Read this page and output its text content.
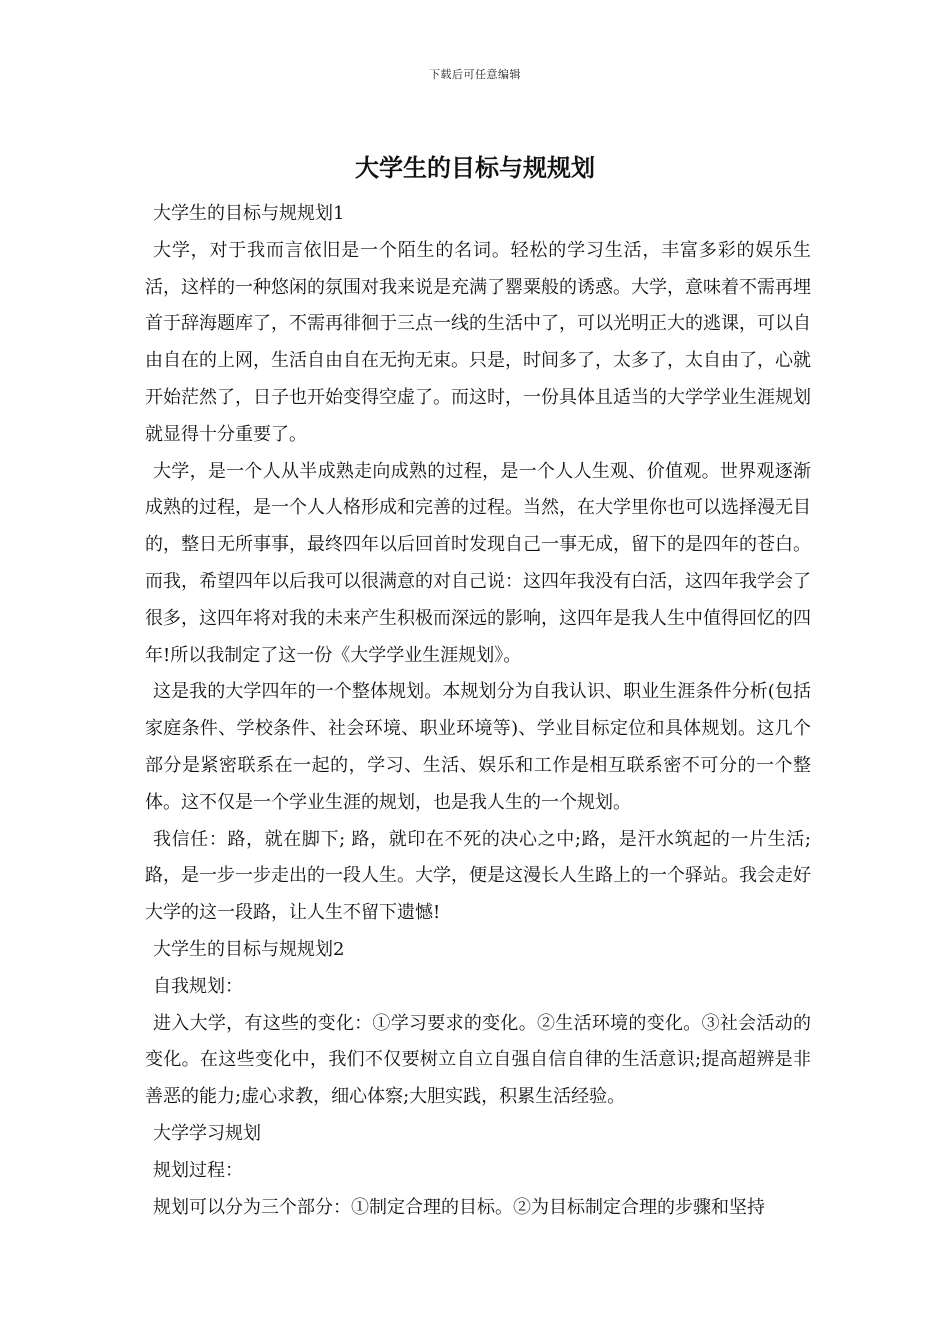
下载后可任意编辑
大学生的目标与规规划

大学生的目标与规规划1

大学，对于我而言依旧是一个陌生的名词。轻松的学习生活，丰富多彩的娱乐生活，这样的一种悠闲的氛围对我来说是充满了罂粟般的诱惑。大学，意味着不需再埋首于辞海题库了，不需再徘徊于三点一线的生活中了，可以光明正大的逃课，可以自由自在的上网，生活自由自在无拘无束。只是，时间多了，太多了，太自由了，心就开始茫然了，日子也开始变得空虚了。而这时，一份具体且适当的大学学业生涯规划就显得十分重要了。

大学，是一个人从半成熟走向成熟的过程，是一个人人生观、价值观。世界观逐渐成熟的过程，是一个人人格形成和完善的过程。当然，在大学里你也可以选择漫无目的，整日无所事事，最终四年以后回首时发现自己一事无成，留下的是四年的苍白。而我，希望四年以后我可以很满意的对自己说：这四年我没有白活，这四年我学会了很多，这四年将对我的未来产生积极而深远的影响，这四年是我人生中值得回忆的四年!所以我制定了这一份《大学学业生涯规划》。

这是我的大学四年的一个整体规划。本规划分为自我认识、职业生涯条件分析(包括家庭条件、学校条件、社会环境、职业环境等)、学业目标定位和具体规划。这几个部分是紧密联系在一起的，学习、生活、娱乐和工作是相互联系密不可分的一个整体。这不仅是一个学业生涯的规划，也是我人生的一个规划。

我信任：路，就在脚下; 路，就印在不死的决心之中;路，是汗水筑起的一片生活; 路，是一步一步走出的一段人生。大学，便是这漫长人生路上的一个驿站。我会走好大学的这一段路，让人生不留下遗憾!

大学生的目标与规规划2

自我规划：

进入大学，有这些的变化：①学习要求的变化。②生活环境的变化。③社会活动的变化。在这些变化中，我们不仅要树立自立自强自信自律的生活意识;提高超辨是非善恶的能力;虚心求教，细心体察;大胆实践，积累生活经验。

大学学习规划

规划过程：

规划可以分为三个部分：①制定合理的目标。②为目标制定合理的步骤和坚持
